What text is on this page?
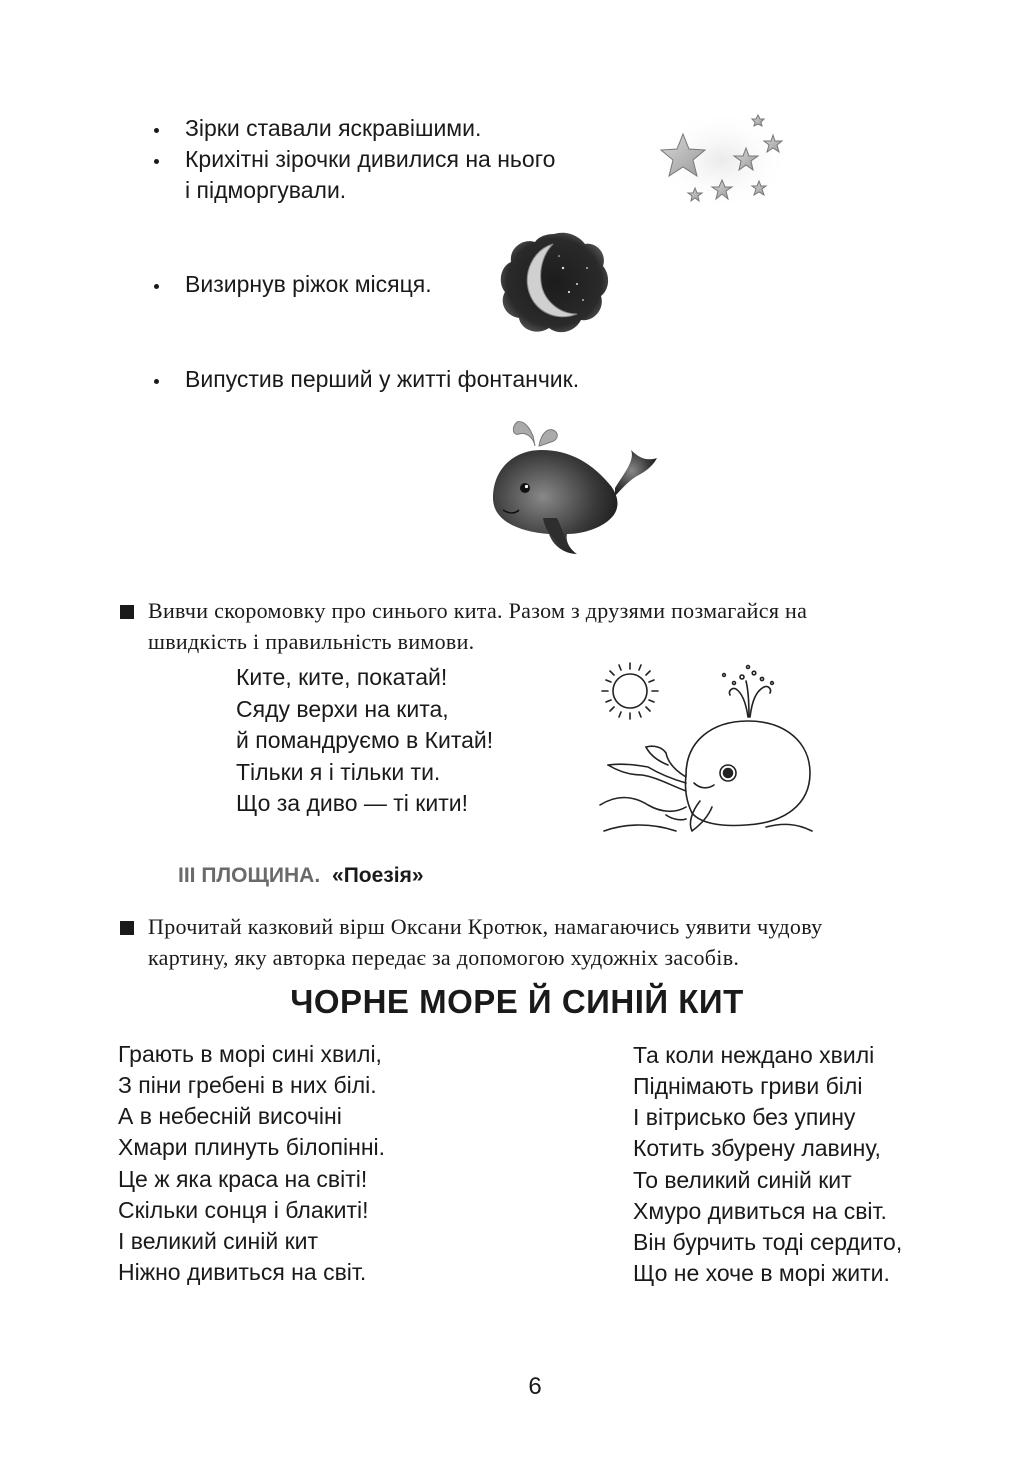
Зірки ставали яскравішими.
Крихітні зірочки дивилися на нього
і підморгували.
Визирнув ріжок місяця.
Випустив перший у житті фонтанчик.
Вивчи скоромовку про синього кита. Разом з друзями позмагайся на
швидкість і правильність вимови.
Ките, ките, покатай!
Сяду верхи на кита,
й помандруємо в Китай!
Тільки я і тільки ти.
Що за диво — ті кити!
ІІІ ПЛОЩИНА. «Поезія»
Прочитай казковий вірш Оксани Кротюк, намагаючись уявити чудову
картину, яку авторка передає за допомогою художніх засобів.
ЧОРНЕ МОРЕ Й СИНІЙ КИТ
Грають в морі сині хвилі,
З піни гребені в них білі.
А в небесній височіні
Хмари плинуть білопінні.
Це ж яка краса на світі!
Скільки сонця і блакиті!
І великий синій кит
Ніжно дивиться на світ.
Та коли неждано хвилі
Піднімають гриви білі
І вітрисько без упину
Котить збурену лавину,
То великий синій кит
Хмуро дивиться на світ.
Він бурчить тоді сердито,
Що не хоче в морі жити.
6
